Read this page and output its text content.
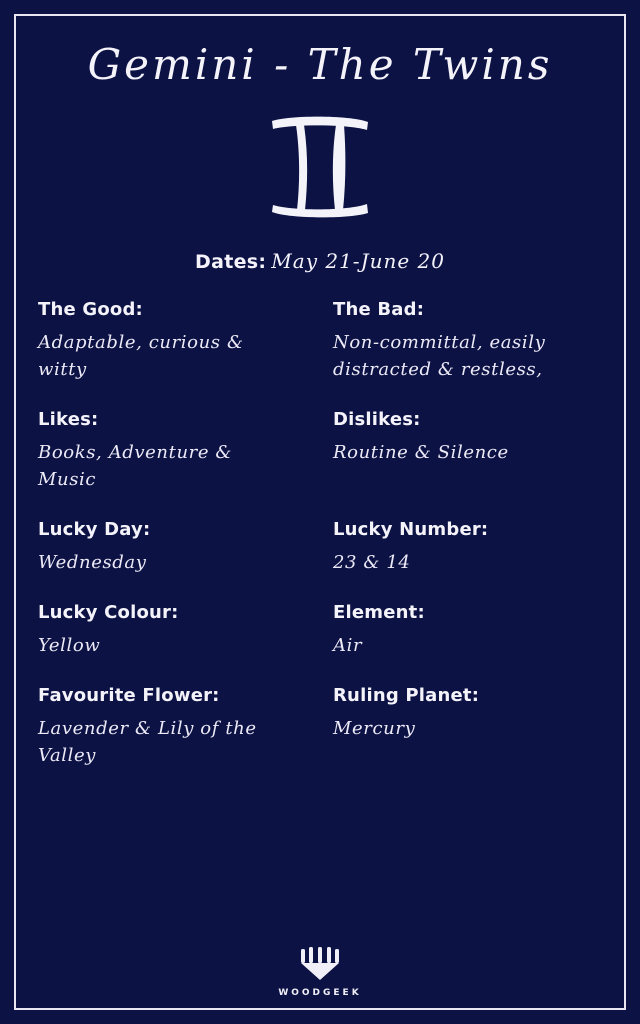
Gemini - The Twins
Dates: May 21-June 20
The Good:
Adaptable, curious & witty
The Bad:
Non-committal, easily distracted & restless,
Likes:
Books, Adventure & Music
Dislikes:
Routine & Silence
Lucky Day:
Wednesday
Lucky Number:
23 & 14
Lucky Colour:
Yellow
Element:
Air
Favourite Flower:
Lavender & Lily of the Valley
Ruling Planet:
Mercury
WOODGEEK
